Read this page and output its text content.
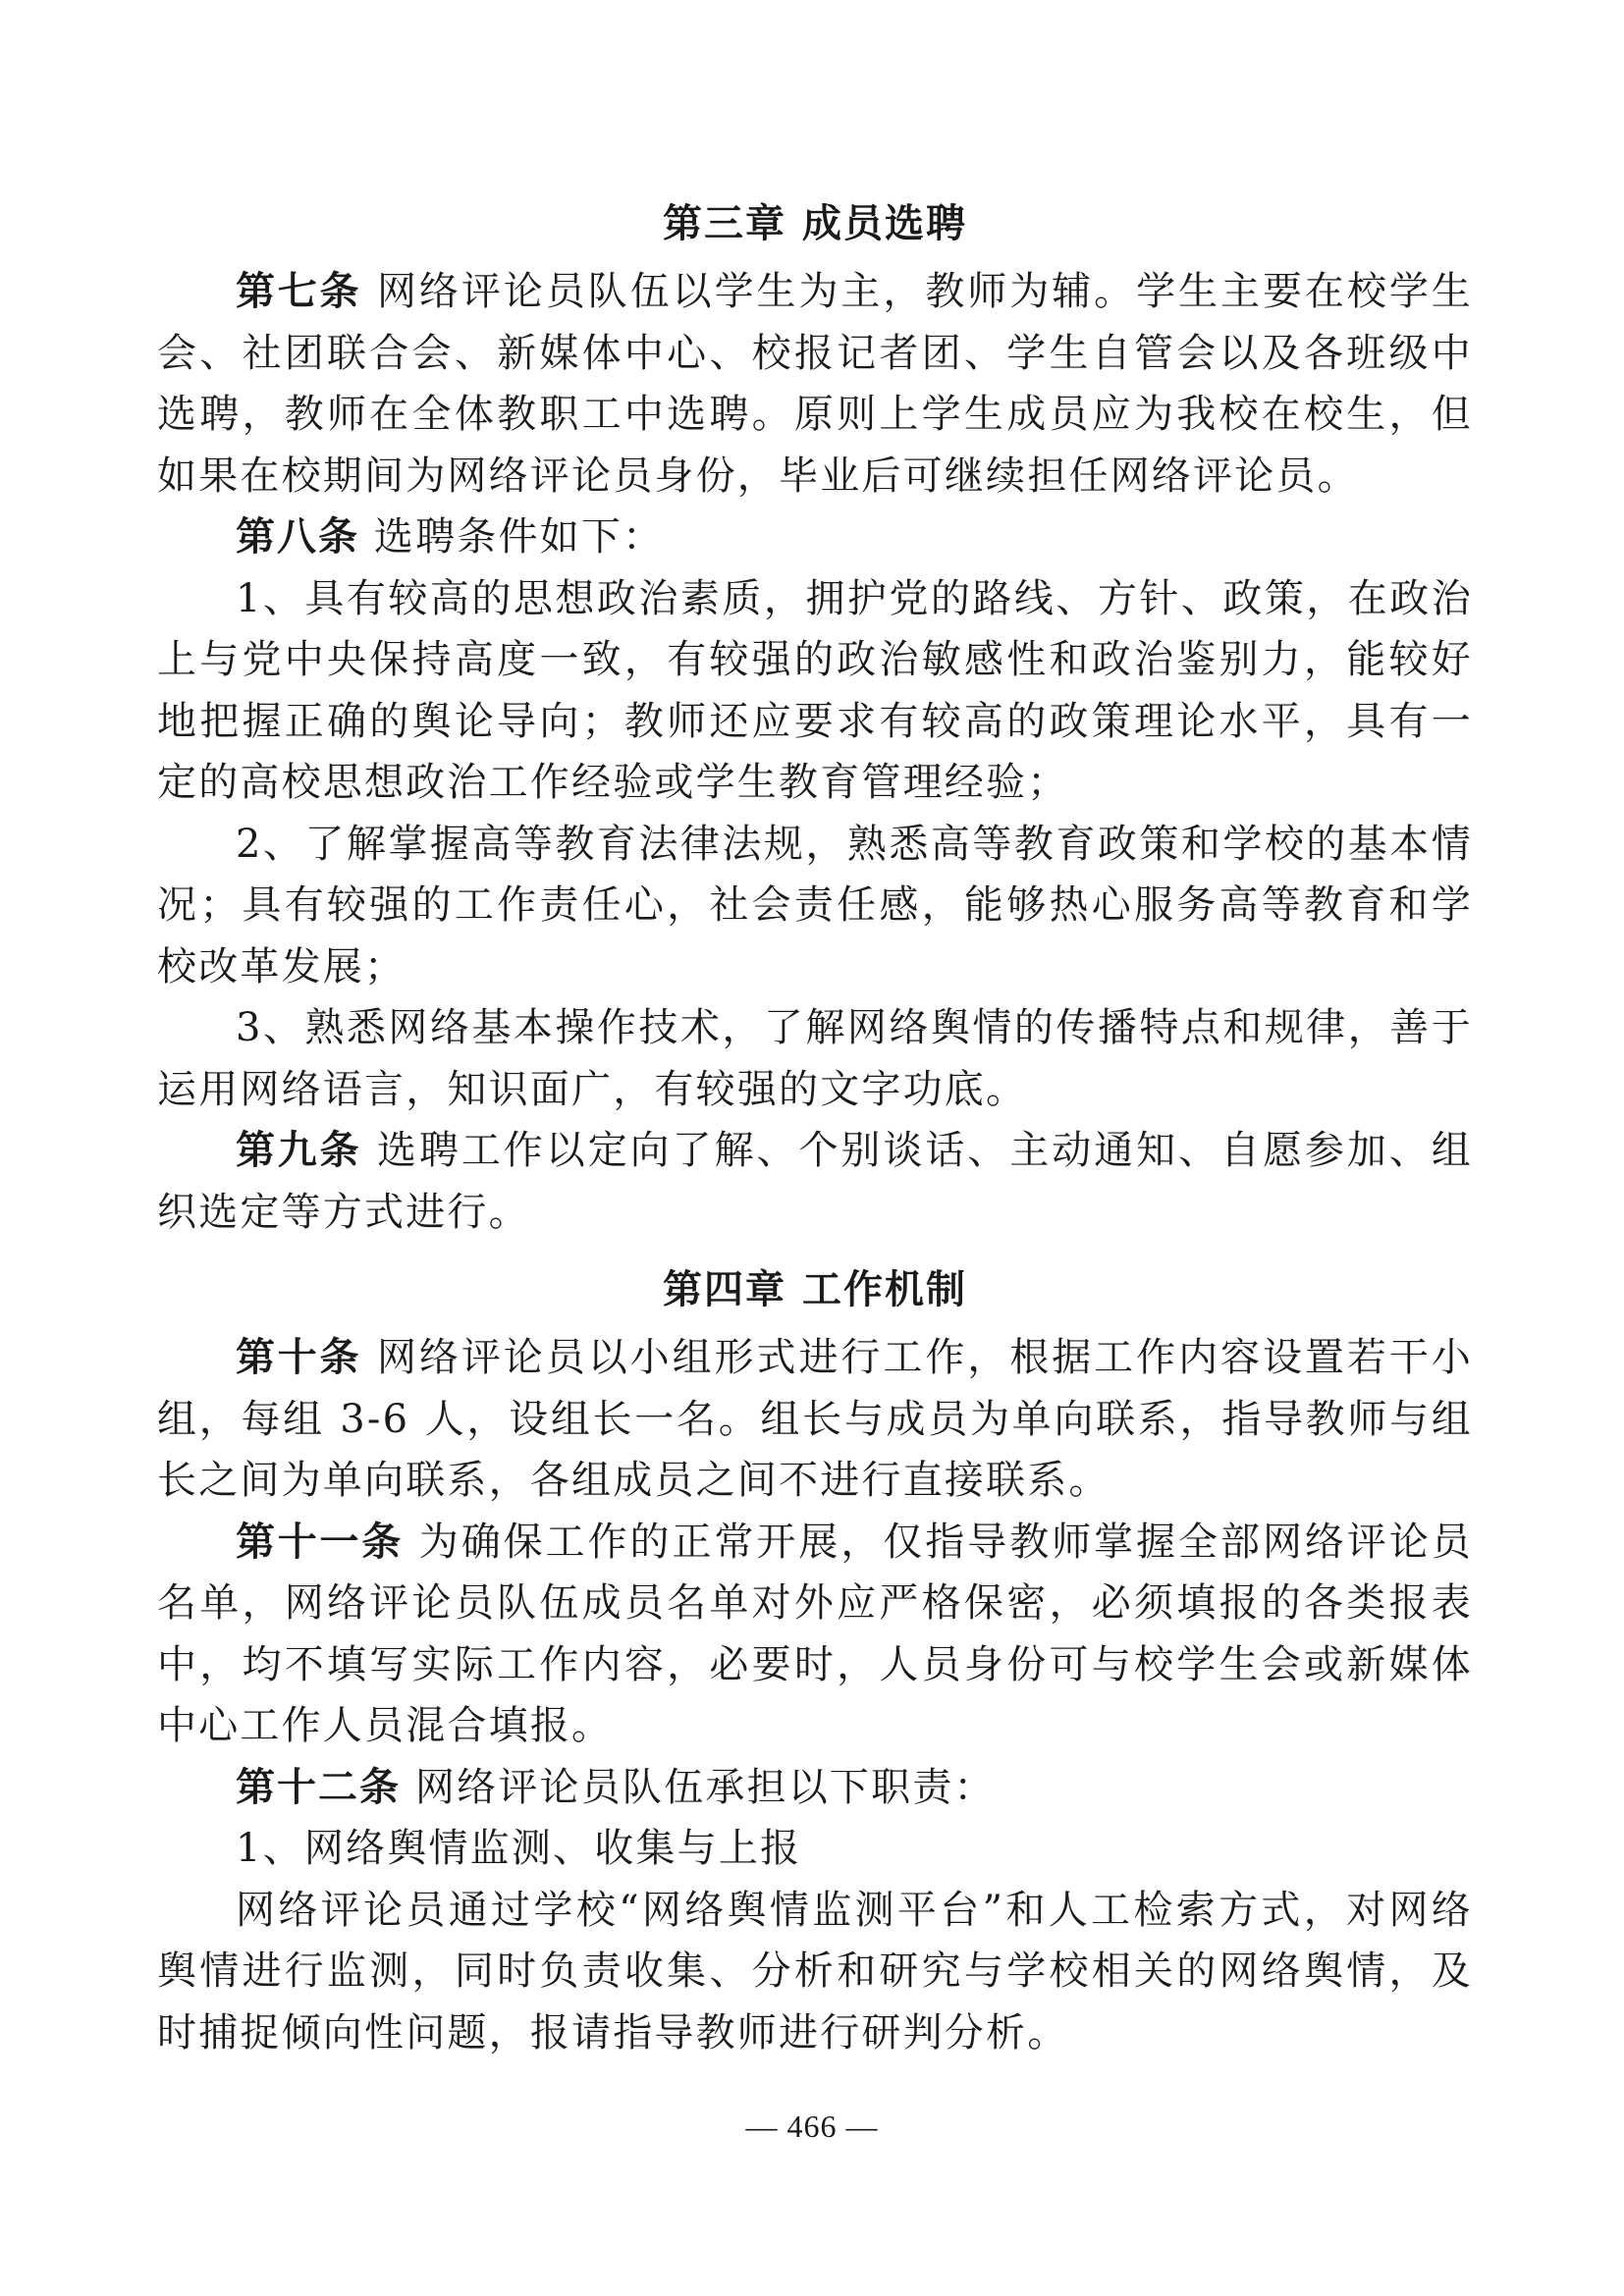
第三章 成员选聘

第七条 网络评论员队伍以学生为主，教师为辅。学生主要在校学生会、社团联合会、新媒体中心、校报记者团、学生自管会以及各班级中选聘，教师在全体教职工中选聘。原则上学生成员应为我校在校生，但如果在校期间为网络评论员身份，毕业后可继续担任网络评论员。

第八条 选聘条件如下：

1、具有较高的思想政治素质，拥护党的路线、方针、政策，在政治上与党中央保持高度一致，有较强的政治敏感性和政治鉴别力，能较好地把握正确的舆论导向；教师还应要求有较高的政策理论水平，具有一定的高校思想政治工作经验或学生教育管理经验；

2、了解掌握高等教育法律法规，熟悉高等教育政策和学校的基本情况；具有较强的工作责任心，社会责任感，能够热心服务高等教育和学校改革发展；

3、熟悉网络基本操作技术，了解网络舆情的传播特点和规律，善于运用网络语言，知识面广，有较强的文字功底。

第九条 选聘工作以定向了解、个别谈话、主动通知、自愿参加、组织选定等方式进行。

第四章 工作机制

第十条 网络评论员以小组形式进行工作，根据工作内容设置若干小组，每组 3-6 人，设组长一名。组长与成员为单向联系，指导教师与组长之间为单向联系，各组成员之间不进行直接联系。

第十一条 为确保工作的正常开展，仅指导教师掌握全部网络评论员名单，网络评论员队伍成员名单对外应严格保密，必须填报的各类报表中，均不填写实际工作内容，必要时，人员身份可与校学生会或新媒体中心工作人员混合填报。

第十二条 网络评论员队伍承担以下职责：

1、网络舆情监测、收集与上报

网络评论员通过学校“网络舆情监测平台”和人工检索方式，对网络舆情进行监测，同时负责收集、分析和研究与学校相关的网络舆情，及时捕捉倾向性问题，报请指导教师进行研判分析。

— 466 —
